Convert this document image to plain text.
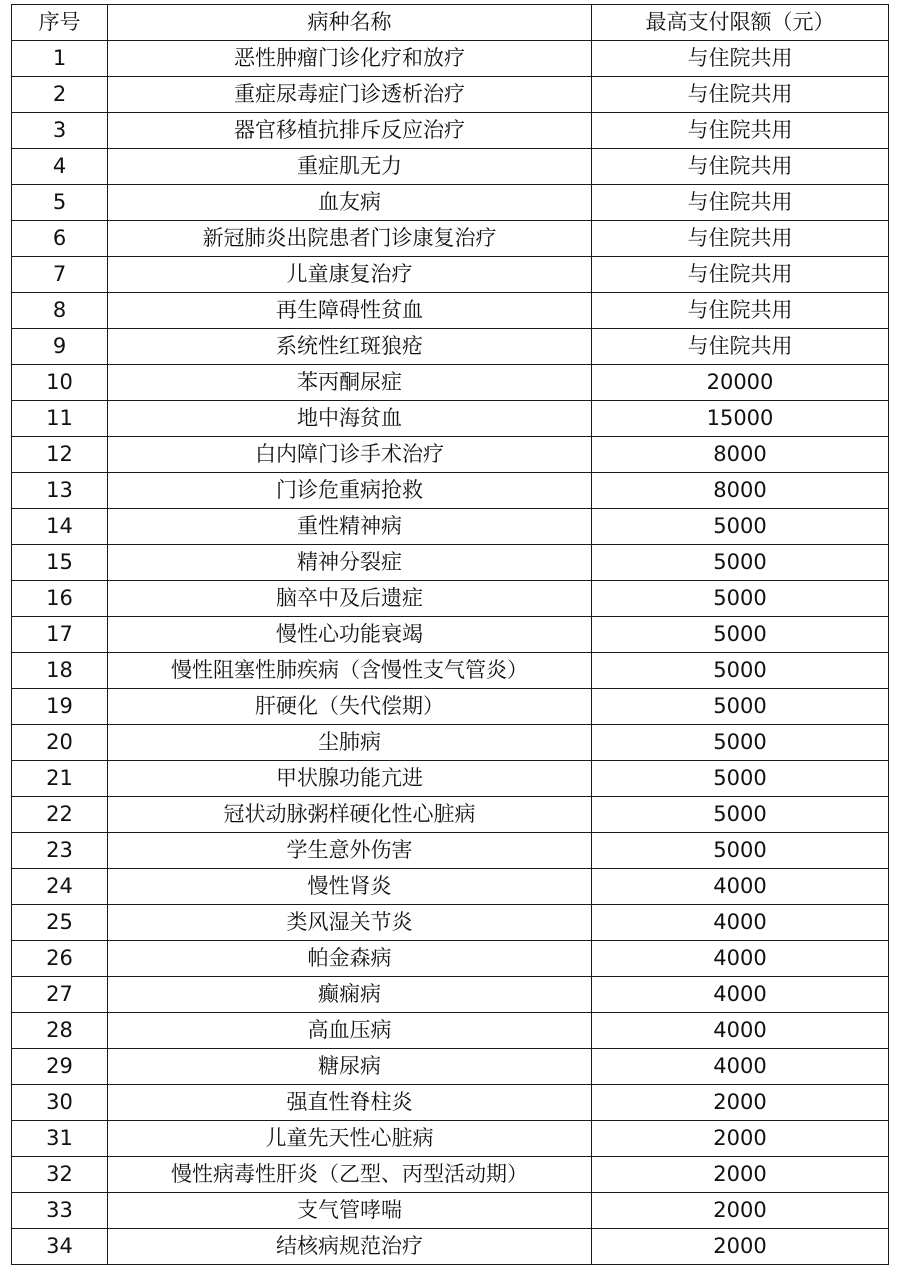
序号	病种名称	最高支付限额（元）
1	恶性肿瘤门诊化疗和放疗	与住院共用
2	重症尿毒症门诊透析治疗	与住院共用
3	器官移植抗排斥反应治疗	与住院共用
4	重症肌无力	与住院共用
5	血友病	与住院共用
6	新冠肺炎出院患者门诊康复治疗	与住院共用
7	儿童康复治疗	与住院共用
8	再生障碍性贫血	与住院共用
9	系统性红斑狼疮	与住院共用
10	苯丙酮尿症	20000
11	地中海贫血	15000
12	白内障门诊手术治疗	8000
13	门诊危重病抢救	8000
14	重性精神病	5000
15	精神分裂症	5000
16	脑卒中及后遗症	5000
17	慢性心功能衰竭	5000
18	慢性阻塞性肺疾病（含慢性支气管炎）	5000
19	肝硬化（失代偿期）	5000
20	尘肺病	5000
21	甲状腺功能亢进	5000
22	冠状动脉粥样硬化性心脏病	5000
23	学生意外伤害	5000
24	慢性肾炎	4000
25	类风湿关节炎	4000
26	帕金森病	4000
27	癫痫病	4000
28	高血压病	4000
29	糖尿病	4000
30	强直性脊柱炎	2000
31	儿童先天性心脏病	2000
32	慢性病毒性肝炎（乙型、丙型活动期）	2000
33	支气管哮喘	2000
34	结核病规范治疗	2000
